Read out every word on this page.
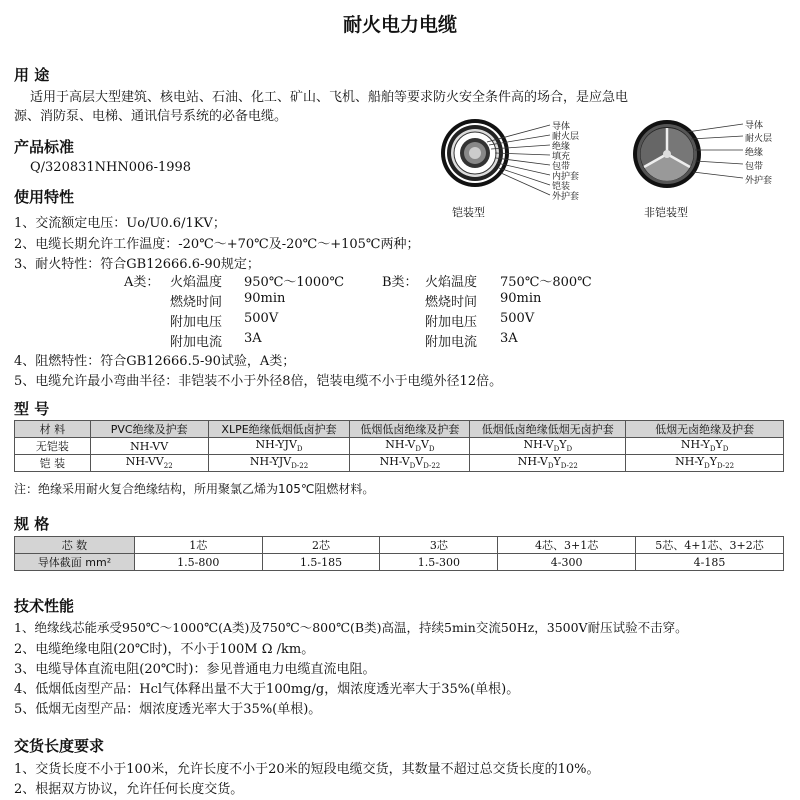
耐火电力电缆
用 途
适用于高层大型建筑、核电站、石油、化工、矿山、飞机、船舶等要求防火安全条件高的场合，是应急电
源、消防泵、电梯、通讯信号系统的必备电缆。
产品标准
Q/320831NHN006-1998
导体
耐火层
绝缘
填充
包带
内护套
铠装
外护套
铠装型
导体
耐火层
绝缘
包带
外护套
非铠装型
使用特性
1、交流额定电压：Uo/U0.6/1KV；
2、电缆长期允许工作温度：-20℃～+70℃及-20℃～+105℃两种；
3、耐火特性：符合GB12666.6-90规定；
A类： 火焰温度 950℃～1000℃
燃烧时间 90min
附加电压 500V
附加电流 3A
B类： 火焰温度 750℃～800℃
燃烧时间 90min
附加电压 500V
附加电流 3A
4、阻燃特性：符合GB12666.5-90试验，A类；
5、电缆允许最小弯曲半径：非铠装不小于外径8倍，铠装电缆不小于电缆外径12倍。
型 号
材 料	PVC绝缘及护套	XLPE绝缘低烟低卤护套	低烟低卤绝缘及护套	低烟低卤绝缘低烟无卤护套	低烟无卤绝缘及护套
无铠装	NH-VV	$NH-YJV_D$	$NH-V_DV_D$	$NH-V_DY_D$	$NH-Y_DY_D$
铠 装	$NH-VV_{22}$	$NH-YJV_{D-22}$	$NH-V_DV_{D-22}$	$NH-V_DY_{D-22}$	$NH-Y_DY_{D-22}$
注：绝缘采用耐火复合绝缘结构，所用聚氯乙烯为105℃阻燃材料。
规 格
芯 数	1芯	2芯	3芯	4芯、3+1芯	5芯、4+1芯、3+2芯
导体截面 mm²	1.5-800	1.5-185	1.5-300	4-300	4-185
技术性能
1、绝缘线芯能承受950℃～1000℃(A类)及750℃～800℃(B类)高温，持续5min交流50Hz，3500V耐压试验不击穿。
2、电缆绝缘电阻(20℃时)，不小于100M Ω /km。
3、电缆导体直流电阻(20℃时)：参见普通电力电缆直流电阻。
4、低烟低卤型产品：Hcl气体释出量不大于100mg/g，烟浓度透光率大于35%(单根)。
5、低烟无卤型产品：烟浓度透光率大于35%(单根)。
交货长度要求
1、交货长度不小于100米，允许长度不小于20米的短段电缆交货，其数量不超过总交货长度的10%。
2、根据双方协议，允许任何长度交货。
